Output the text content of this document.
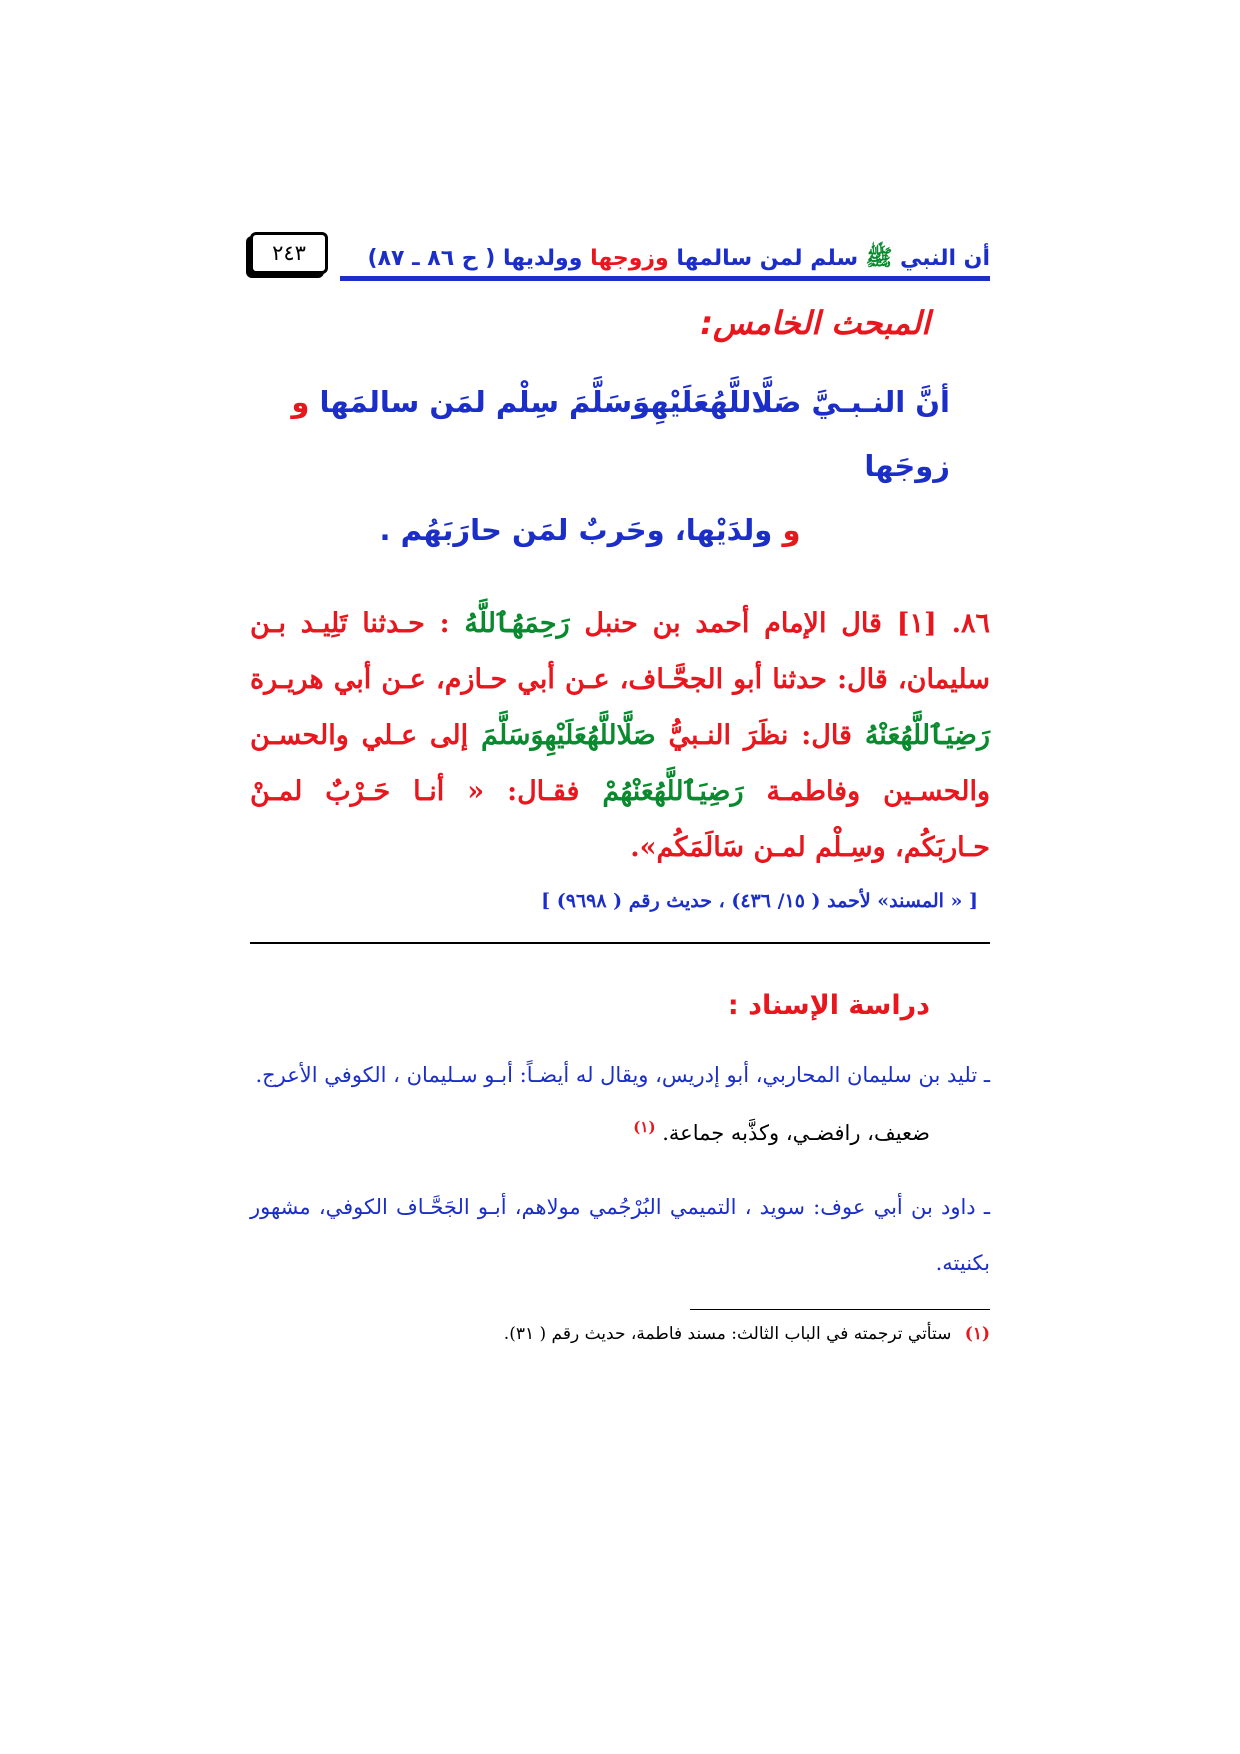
أن النبي ﷺ سلم لمن سالمها وزوجها وولديها ( ح ٨٦ ـ ٨٧)
٢٤٣
المبحث الخامس:
أنَّ النـبـيَّ صَلَّاللَّهُعَلَيْهِوَسَلَّمَ سِلْم لمَن سالمَها و زوجَها
و ولدَيْها، وحَربٌ لمَن حارَبَهُم .
٨٦. [١] قال الإمام أحمد بن حنبل رَحِمَهُٱللَّهُ : حـدثنا تَلِيـد بـن سليمان، قال: حدثنا أبو الجحَّـاف، عـن أبي حـازم، عـن أبي هريـرة رَضِيَٱللَّهُعَنْهُ قال: نظَرَ النـبيُّ صَلَّاللَّهُعَلَيْهِوَسَلَّمَ إلى عـلي والحسـن والحسـين وفاطمـة رَضِيَٱللَّهُعَنْهُمْ فقـال: « أنـا حَـرْبٌ لمـنْ حـاربَكُم، وسِـلْم لمـن سَالَمَكُم».
[ « المسند» لأحمد ( ١٥/ ٤٣٦) ، حديث رقم ( ٩٦٩٨) ]
دراسة الإسناد :
ـ تليد بن سليمان المحاربي، أبو إدريس، ويقال له أيضـاً: أبـو سـليمان ، الكوفي الأعرج.
ضعيف، رافضـي، وكذَّبه جماعة. $^{(١)}$
ـ داود بن أبي عوف: سويد ، التميمي البُرْجُمي مولاهم، أبـو الجَحَّـاف الكوفي، مشهور بكنيته.
(١) ستأتي ترجمته في الباب الثالث: مسند فاطمة، حديث رقم ( ٣١).
